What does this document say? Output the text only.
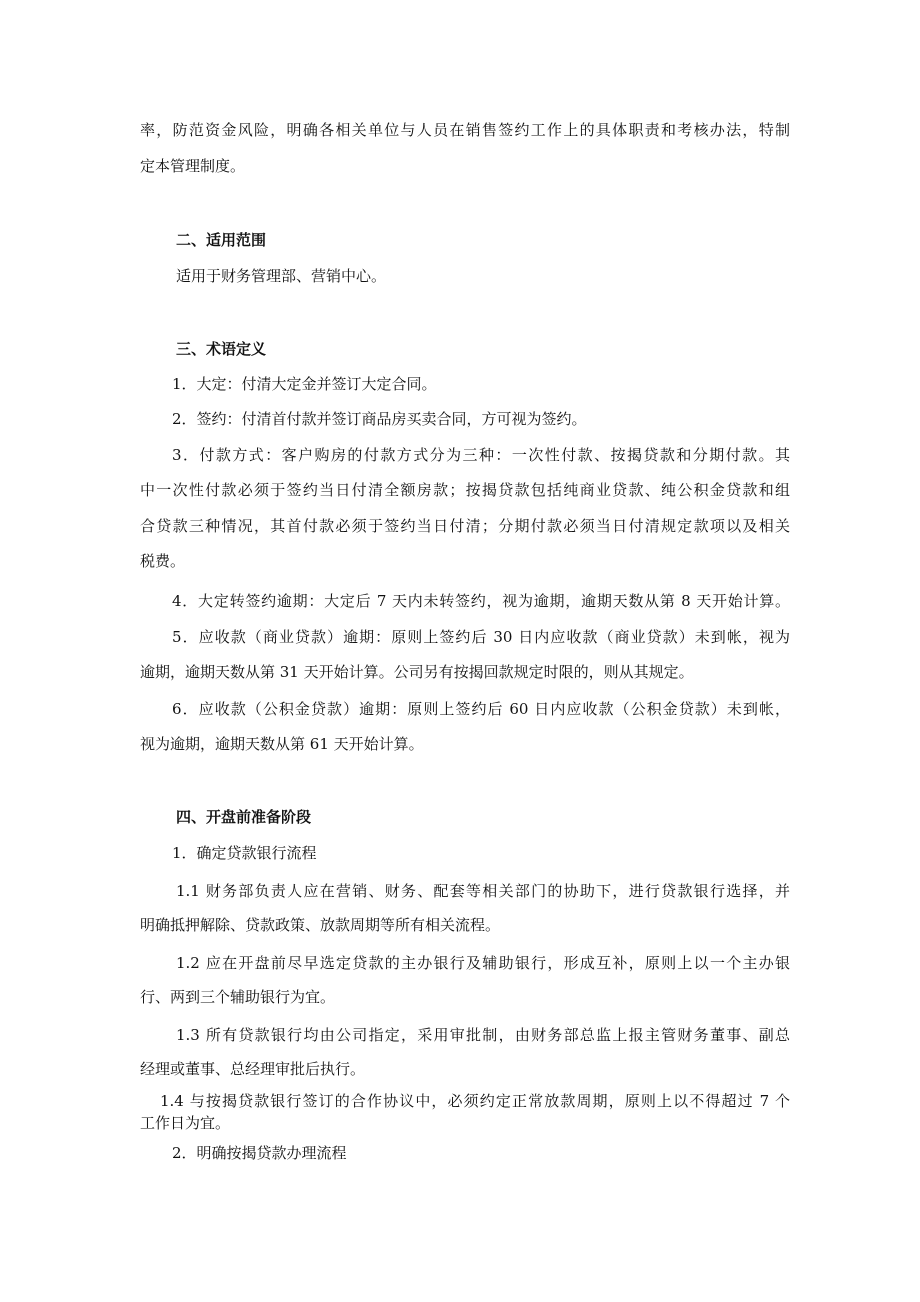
率，防范资金风险，明确各相关单位与人员在销售签约工作上的具体职责和考核办法，特制
定本管理制度。
二、适用范围
适用于财务管理部、营销中心。
三、术语定义
1．大定：付清大定金并签订大定合同。
2．签约：付清首付款并签订商品房买卖合同，方可视为签约。
3．付款方式：客户购房的付款方式分为三种：一次性付款、按揭贷款和分期付款。其
中一次性付款必须于签约当日付清全额房款；按揭贷款包括纯商业贷款、纯公积金贷款和组
合贷款三种情况，其首付款必须于签约当日付清；分期付款必须当日付清规定款项以及相关
税费。
4．大定转签约逾期：大定后 7 天内未转签约，视为逾期，逾期天数从第 8 天开始计算。
5．应收款（商业贷款）逾期：原则上签约后 30 日内应收款（商业贷款）未到帐，视为
逾期，逾期天数从第 31 天开始计算。公司另有按揭回款规定时限的，则从其规定。
6．应收款（公积金贷款）逾期：原则上签约后 60 日内应收款（公积金贷款）未到帐，
视为逾期，逾期天数从第 61 天开始计算。
四、开盘前准备阶段
1．确定贷款银行流程
1.1 财务部负责人应在营销、财务、配套等相关部门的协助下，进行贷款银行选择，并
明确抵押解除、贷款政策、放款周期等所有相关流程。
1.2 应在开盘前尽早选定贷款的主办银行及辅助银行，形成互补，原则上以一个主办银
行、两到三个辅助银行为宜。
1.3 所有贷款银行均由公司指定，采用审批制，由财务部总监上报主管财务董事、副总
经理或董事、总经理审批后执行。
1.4 与按揭贷款银行签订的合作协议中，必须约定正常放款周期，原则上以不得超过 7 个
工作日为宜。
2．明确按揭贷款办理流程
